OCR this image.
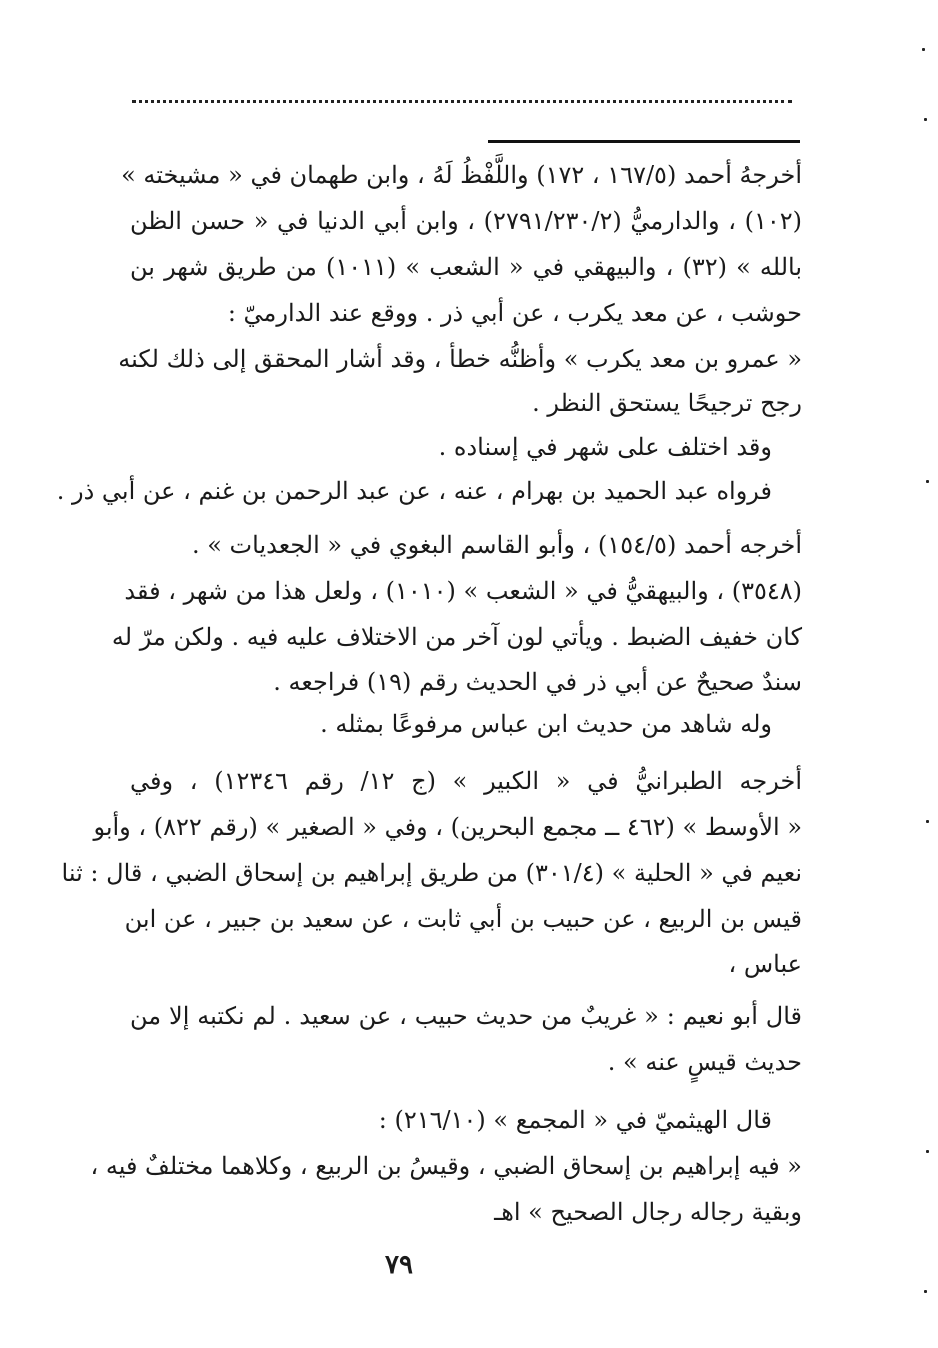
أخرجهُ أحمد (١٦٧/٥ ، ١٧٢) واللَّفْظُ لَهُ ، وابن طهمان في « مشيخته »
(١٠٢) ، والدارميُّ (٢٧٩١/٢٣٠/٢) ، وابن أبي الدنيا في « حسن الظن
بالله » (٣٢) ، والبيهقي في « الشعب » (١٠١١) من طريق شهر بن
حوشب ، عن معد يكرب ، عن أبي ذر . ووقع عند الدارميّ :
« عمرو بن معد يكرب » وأظنُّه خطأ ، وقد أشار المحقق إلى ذلك لكنه
رجح ترجيحًا يستحق النظر .
وقد اختلف على شهر في إسناده .
فرواه عبد الحميد بن بهرام ، عنه ، عن عبد الرحمن بن غنم ، عن أبي ذر .
أخرجه أحمد (١٥٤/٥) ، وأبو القاسم البغوي في « الجعديات » .
(٣٥٤٨) ، والبيهقيُّ في « الشعب » (١٠١٠) ، ولعل هذا من شهر ، فقد
كان خفيف الضبط . ويأتي لون آخر من الاختلاف عليه فيه . ولكن مرّ له
سندٌ صحيحٌ عن أبي ذر في الحديث رقم (١٩) فراجعه .
وله شاهد من حديث ابن عباس مرفوعًا بمثله .
أخرجه الطبرانيُّ في « الكبير » (ج ١٢/ رقم ١٢٣٤٦) ، وفي
« الأوسط » (٤٦٢ ــ مجمع البحرين) ، وفي « الصغير » (رقم ٨٢٢) ، وأبو
نعيم في « الحلية » (٣٠١/٤) من طريق إبراهيم بن إسحاق الضبي ، قال : ثنا
قيس بن الربيع ، عن حبيب بن أبي ثابت ، عن سعيد بن جبير ، عن ابن
عباس ،
قال أبو نعيم : « غريبٌ من حديث حبيب ، عن سعيد . لم نكتبه إلا من
حديث قيسٍ عنه » .
قال الهيثميّ في « المجمع » (٢١٦/١٠) :
« فيه إبراهيم بن إسحاق الضبي ، وقيسُ بن الربيع ، وكلاهما مختلفٌ فيه ،
وبقية رجاله رجال الصحيح » اهـ
٧٩
